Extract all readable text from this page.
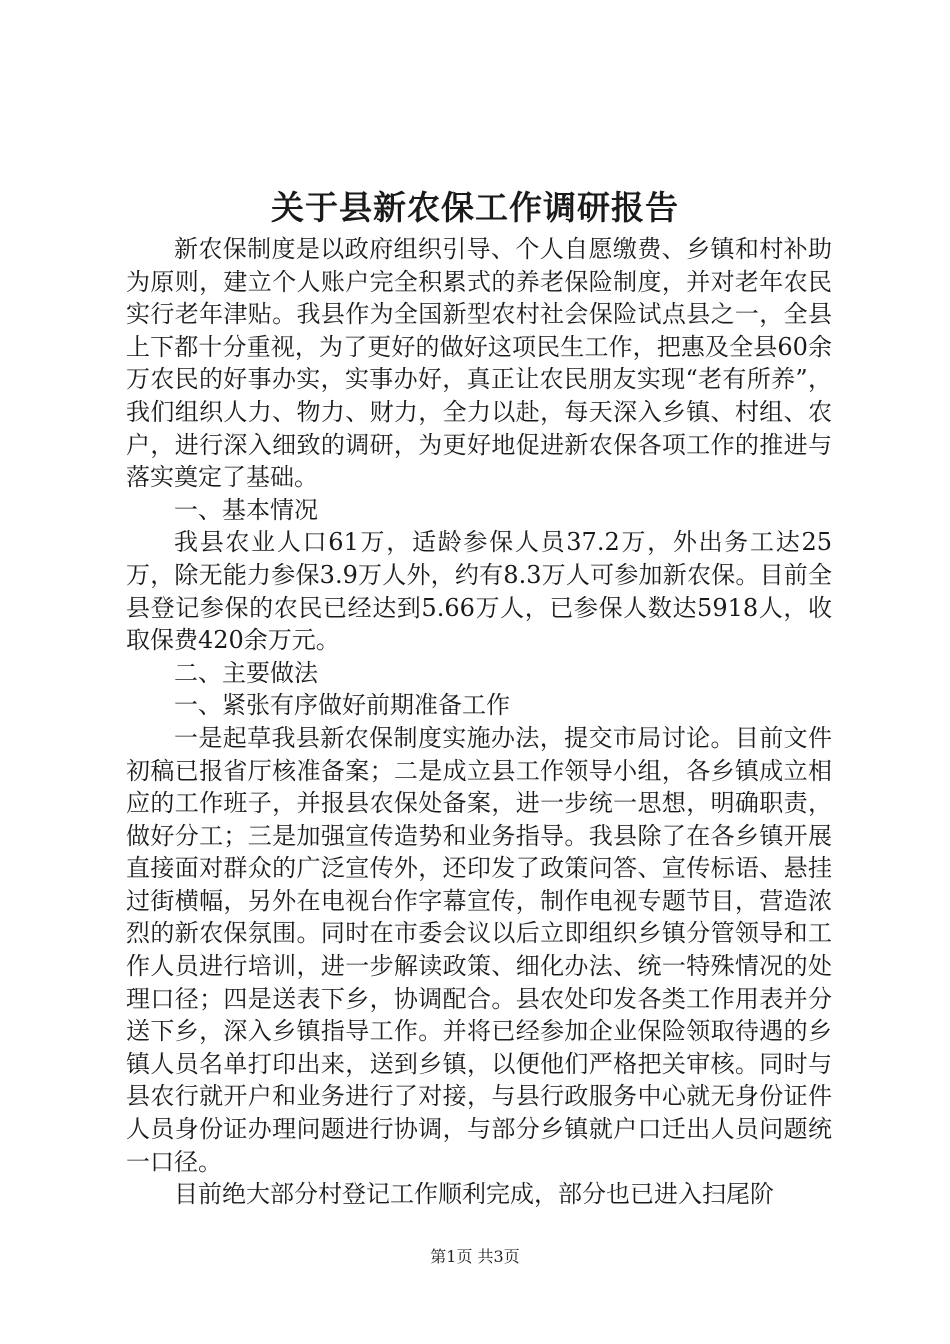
关于县新农保工作调研报告

新农保制度是以政府组织引导、个人自愿缴费、乡镇和村补助为原则，建立个人账户完全积累式的养老保险制度，并对老年农民实行老年津贴。我县作为全国新型农村社会保险试点县之一，全县上下都十分重视，为了更好的做好这项民生工作，把惠及全县60余万农民的好事办实，实事办好，真正让农民朋友实现“老有所养”，我们组织人力、物力、财力，全力以赴，每天深入乡镇、村组、农户，进行深入细致的调研，为更好地促进新农保各项工作的推进与落实奠定了基础。

一、基本情况

我县农业人口61万，适龄参保人员37.2万，外出务工达25万，除无能力参保3.9万人外，约有8.3万人可参加新农保。目前全县登记参保的农民已经达到5.66万人，已参保人数达5918人，收取保费420余万元。

二、主要做法

一、紧张有序做好前期准备工作

一是起草我县新农保制度实施办法，提交市局讨论。目前文件初稿已报省厅核准备案；二是成立县工作领导小组，各乡镇成立相应的工作班子，并报县农保处备案，进一步统一思想，明确职责，做好分工；三是加强宣传造势和业务指导。我县除了在各乡镇开展直接面对群众的广泛宣传外，还印发了政策问答、宣传标语、悬挂过街横幅，另外在电视台作字幕宣传，制作电视专题节目，营造浓烈的新农保氛围。同时在市委会议以后立即组织乡镇分管领导和工作人员进行培训，进一步解读政策、细化办法、统一特殊情况的处理口径；四是送表下乡，协调配合。县农处印发各类工作用表并分送下乡，深入乡镇指导工作。并将已经参加企业保险领取待遇的乡镇人员名单打印出来，送到乡镇，以便他们严格把关审核。同时与县农行就开户和业务进行了对接，与县行政服务中心就无身份证件人员身份证办理问题进行协调，与部分乡镇就户口迁出人员问题统一口径。

目前绝大部分村登记工作顺利完成，部分也已进入扫尾阶

第1页 共3页
